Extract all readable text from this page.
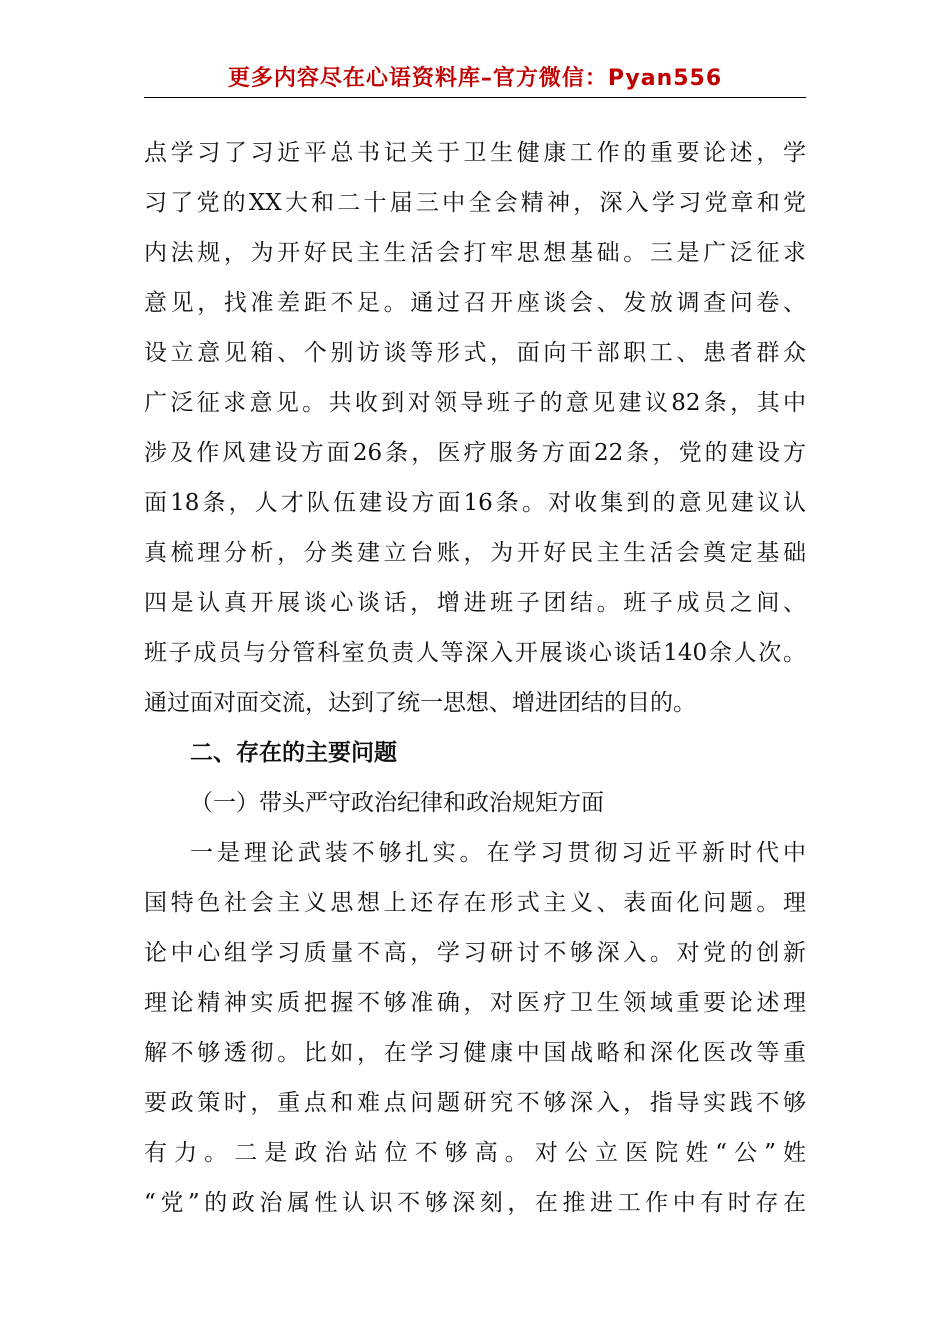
更多内容尽在心语资料库–官方微信：Pyan556
点学习了习近平总书记关于卫生健康工作的重要论述，学
习了党的XX大和二十届三中全会精神，深入学习党章和党
内法规，为开好民主生活会打牢思想基础。三是广泛征求
意见，找准差距不足。通过召开座谈会、发放调查问卷、
设立意见箱、个别访谈等形式，面向干部职工、患者群众
广泛征求意见。共收到对领导班子的意见建议82条，其中
涉及作风建设方面26条，医疗服务方面22条，党的建设方
面18条，人才队伍建设方面16条。对收集到的意见建议认
真梳理分析，分类建立台账，为开好民主生活会奠定基础
四是认真开展谈心谈话，增进班子团结。班子成员之间、
班子成员与分管科室负责人等深入开展谈心谈话140余人次。
通过面对面交流，达到了统一思想、增进团结的目的。
二、存在的主要问题
（一）带头严守政治纪律和政治规矩方面
一是理论武装不够扎实。在学习贯彻习近平新时代中
国特色社会主义思想上还存在形式主义、表面化问题。理
论中心组学习质量不高，学习研讨不够深入。对党的创新
理论精神实质把握不够准确，对医疗卫生领域重要论述理
解不够透彻。比如，在学习健康中国战略和深化医改等重
要政策时，重点和难点问题研究不够深入，指导实践不够
有力。二是政治站位不够高。对公立医院姓“公”姓
“党”的政治属性认识不够深刻，在推进工作中有时存在
